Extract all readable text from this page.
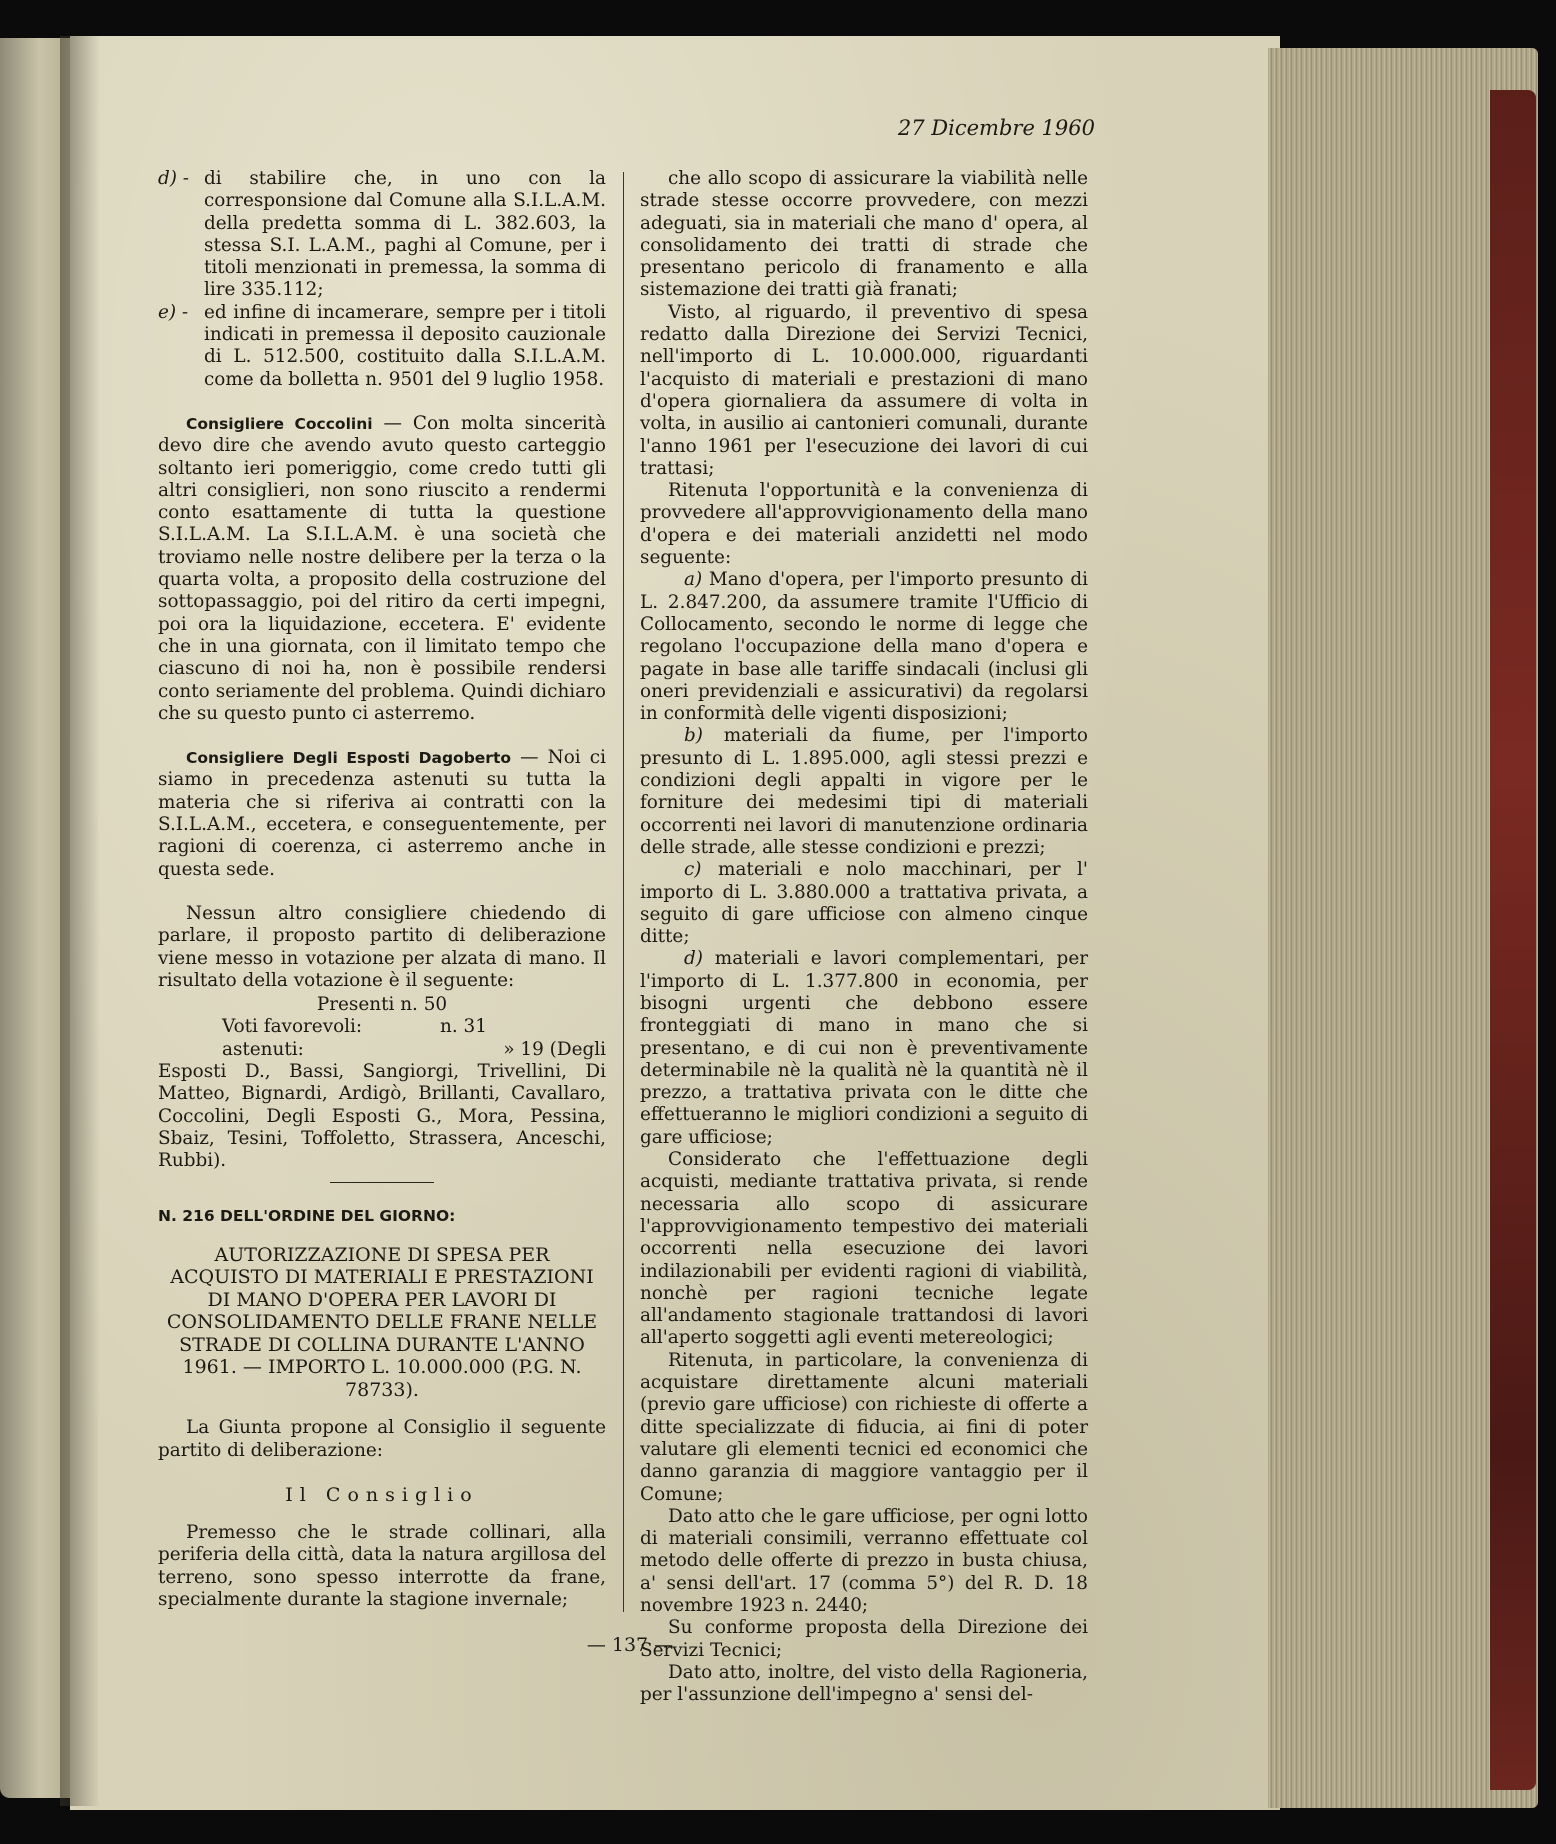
27 Dicembre 1960
d) - di stabilire che, in uno con la corresponsione dal Comune alla S.I.L.A.M. della predetta somma di L. 382.603, la stessa S.I. L.A.M., paghi al Comune, per i titoli menzionati in premessa, la somma di lire 335.112;
e) - ed infine di incamerare, sempre per i titoli indicati in premessa il deposito cauzionale di L. 512.500, costituito dalla S.I.L.A.M. come da bolletta n. 9501 del 9 luglio 1958.

Consigliere Coccolini — Con molta sincerità devo dire che avendo avuto questo carteggio soltanto ieri pomeriggio, come credo tutti gli altri consiglieri, non sono riuscito a rendermi conto esattamente di tutta la questione S.I.L.A.M. La S.I.L.A.M. è una società che troviamo nelle nostre delibere per la terza o la quarta volta, a proposito della costruzione del sottopassaggio, poi del ritiro da certi impegni, poi ora la liquidazione, eccetera. E' evidente che in una giornata, con il limitato tempo che ciascuno di noi ha, non è possibile rendersi conto seriamente del problema. Quindi dichiaro che su questo punto ci asterremo.

Consigliere Degli Esposti Dagoberto — Noi ci siamo in precedenza astenuti su tutta la materia che si riferiva ai contratti con la S.I.L.A.M., eccetera, e conseguentemente, per ragioni di coerenza, ci asterremo anche in questa sede.

Nessun altro consigliere chiedendo di parlare, il proposto partito di deliberazione viene messo in votazione per alzata di mano. Il risultato della votazione è il seguente:

Presenti n. 50

Voti favorevoli:	n. 31
astenuti:	» 19 (Degli

Esposti D., Bassi, Sangiorgi, Trivellini, Di Matteo, Bignardi, Ardigò, Brillanti, Cavallaro, Coccolini, Degli Esposti G., Mora, Pessina, Sbaiz, Tesini, Toffoletto, Strassera, Anceschi, Rubbi).

N. 216 DELL'ORDINE DEL GIORNO:

AUTORIZZAZIONE DI SPESA PER ACQUISTO DI MATERIALI E PRESTAZIONI DI MANO D'OPERA PER LAVORI DI CONSOLIDAMENTO DELLE FRANE NELLE STRADE DI COLLINA DURANTE L'ANNO 1961. — IMPORTO L. 10.000.000 (P.G. N. 78733).

La Giunta propone al Consiglio il seguente partito di deliberazione:

Il Consiglio

Premesso che le strade collinari, alla periferia della città, data la natura argillosa del terreno, sono spesso interrotte da frane, specialmente durante la stagione invernale;

che allo scopo di assicurare la viabilità nelle strade stesse occorre provvedere, con mezzi adeguati, sia in materiali che mano d' opera, al consolidamento dei tratti di strade che presentano pericolo di franamento e alla sistemazione dei tratti già franati;

Visto, al riguardo, il preventivo di spesa redatto dalla Direzione dei Servizi Tecnici, nell'importo di L. 10.000.000, riguardanti l'acquisto di materiali e prestazioni di mano d'opera giornaliera da assumere di volta in volta, in ausilio ai cantonieri comunali, durante l'anno 1961 per l'esecuzione dei lavori di cui trattasi;

Ritenuta l'opportunità e la convenienza di provvedere all'approvvigionamento della mano d'opera e dei materiali anzidetti nel modo seguente:

a) Mano d'opera, per l'importo presunto di L. 2.847.200, da assumere tramite l'Ufficio di Collocamento, secondo le norme di legge che regolano l'occupazione della mano d'opera e pagate in base alle tariffe sindacali (inclusi gli oneri previdenziali e assicurativi) da regolarsi in conformità delle vigenti disposizioni;

b) materiali da fiume, per l'importo presunto di L. 1.895.000, agli stessi prezzi e condizioni degli appalti in vigore per le forniture dei medesimi tipi di materiali occorrenti nei lavori di manutenzione ordinaria delle strade, alle stesse condizioni e prezzi;

c) materiali e nolo macchinari, per l' importo di L. 3.880.000 a trattativa privata, a seguito di gare ufficiose con almeno cinque ditte;

d) materiali e lavori complementari, per l'importo di L. 1.377.800 in economia, per bisogni urgenti che debbono essere fronteggiati di mano in mano che si presentano, e di cui non è preventivamente determinabile nè la qualità nè la quantità nè il prezzo, a trattativa privata con le ditte che effettueranno le migliori condizioni a seguito di gare ufficiose;

Considerato che l'effettuazione degli acquisti, mediante trattativa privata, si rende necessaria allo scopo di assicurare l'approvvigionamento tempestivo dei materiali occorrenti nella esecuzione dei lavori indilazionabili per evidenti ragioni di viabilità, nonchè per ragioni tecniche legate all'andamento stagionale trattandosi di lavori all'aperto soggetti agli eventi metereologici;

Ritenuta, in particolare, la convenienza di acquistare direttamente alcuni materiali (previo gare ufficiose) con richieste di offerte a ditte specializzate di fiducia, ai fini di poter valutare gli elementi tecnici ed economici che danno garanzia di maggiore vantaggio per il Comune;

Dato atto che le gare ufficiose, per ogni lotto di materiali consimili, verranno effettuate col metodo delle offerte di prezzo in busta chiusa, a' sensi dell'art. 17 (comma 5°) del R. D. 18 novembre 1923 n. 2440;

Su conforme proposta della Direzione dei Servizi Tecnici;

Dato atto, inoltre, del visto della Ragioneria, per l'assunzione dell'impegno a' sensi del-

— 137 —
